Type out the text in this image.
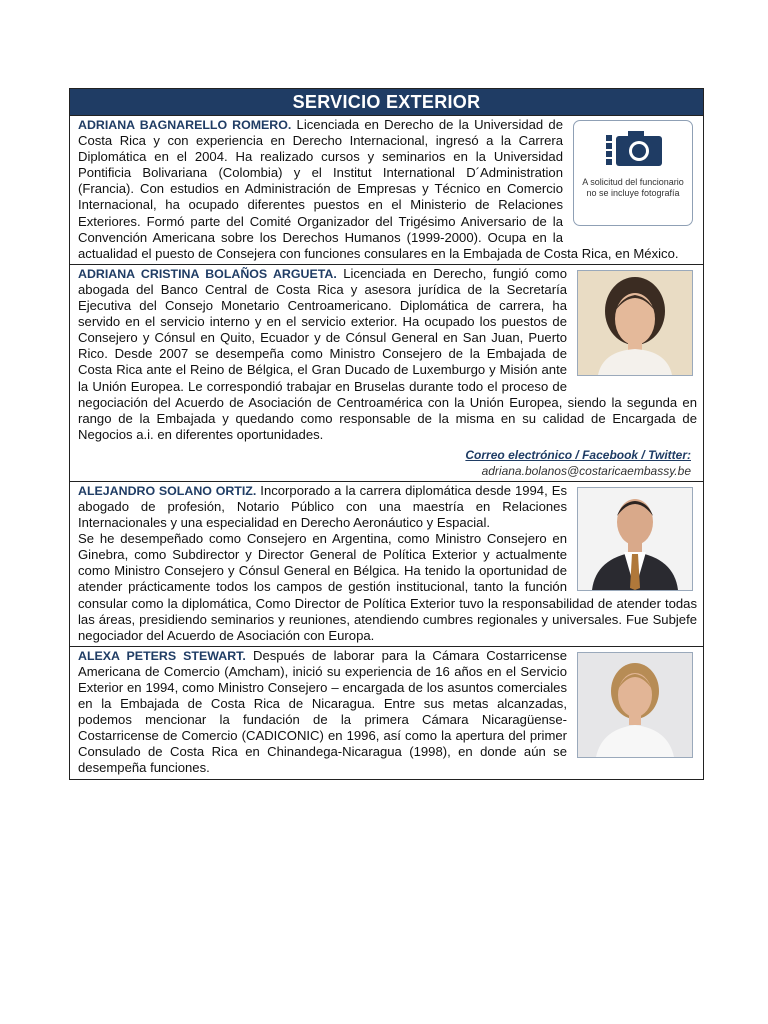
SERVICIO EXTERIOR
A solicitud del funcionario no se incluye fotografía

ADRIANA BAGNARELLO ROMERO. Licenciada en Derecho de la Universidad de Costa Rica y con experiencia en Derecho Internacional, ingresó a la Carrera Diplomática en el 2004. Ha realizado cursos y seminarios en la Universidad Pontificia Bolivariana (Colombia) y el Institut International D´Administration (Francia). Con estudios en Administración de Empresas y Técnico en Comercio Internacional, ha ocupado diferentes puestos en el Ministerio de Relaciones Exteriores. Formó parte del Comité Organizador del Trigésimo Aniversario de la Convención Americana sobre los Derechos Humanos (1999-2000). Ocupa en la actualidad el puesto de Consejera con funciones consulares en la Embajada de Costa Rica, en México.

ADRIANA CRISTINA BOLAÑOS ARGUETA. Licenciada en Derecho, fungió como abogada del Banco Central de Costa Rica y asesora jurídica de la Secretaría Ejecutiva del Consejo Monetario Centroamericano. Diplomática de carrera, ha servido en el servicio interno y en el servicio exterior. Ha ocupado los puestos de Consejero y Cónsul en Quito, Ecuador y de Cónsul General en San Juan, Puerto Rico. Desde 2007 se desempeña como Ministro Consejero de la Embajada de Costa Rica ante el Reino de Bélgica, el Gran Ducado de Luxemburgo y Misión ante la Unión Europea. Le correspondió trabajar en Bruselas durante todo el proceso de negociación del Acuerdo de Asociación de Centroamérica con la Unión Europea, siendo la segunda en rango de la Embajada y quedando como responsable de la misma en su calidad de Encargada de Negocios a.i. en diferentes oportunidades.

Correo electrónico / Facebook / Twitter:
adriana.bolanos@costaricaembassy.be

ALEJANDRO SOLANO ORTIZ. Incorporado a la carrera diplomática desde 1994, Es abogado de profesión, Notario Público con una maestría en Relaciones Internacionales y una especialidad en Derecho Aeronáutico y Espacial.

Se he desempeñado como Consejero en Argentina, como Ministro Consejero en Ginebra, como Subdirector y Director General de Política Exterior y actualmente como Ministro Consejero y Cónsul General en Bélgica. Ha tenido la oportunidad de atender prácticamente todos los campos de gestión institucional, tanto la función consular como la diplomática, Como Director de Política Exterior tuvo la responsabilidad de atender todas las áreas, presidiendo seminarios y reuniones, atendiendo cumbres regionales y universales. Fue Subjefe negociador del Acuerdo de Asociación con Europa.

ALEXA PETERS STEWART. Después de laborar para la Cámara Costarricense Americana de Comercio (Amcham), inició su experiencia de 16 años en el Servicio Exterior en 1994, como Ministro Consejero – encargada de los asuntos comerciales en la Embajada de Costa Rica de Nicaragua. Entre sus metas alcanzadas, podemos mencionar la fundación de la primera Cámara Nicaragüense-Costarricense de Comercio (CADICONIC) en 1996, así como la apertura del primer Consulado de Costa Rica en Chinandega-Nicaragua (1998), en donde aún se desempeña funciones.
